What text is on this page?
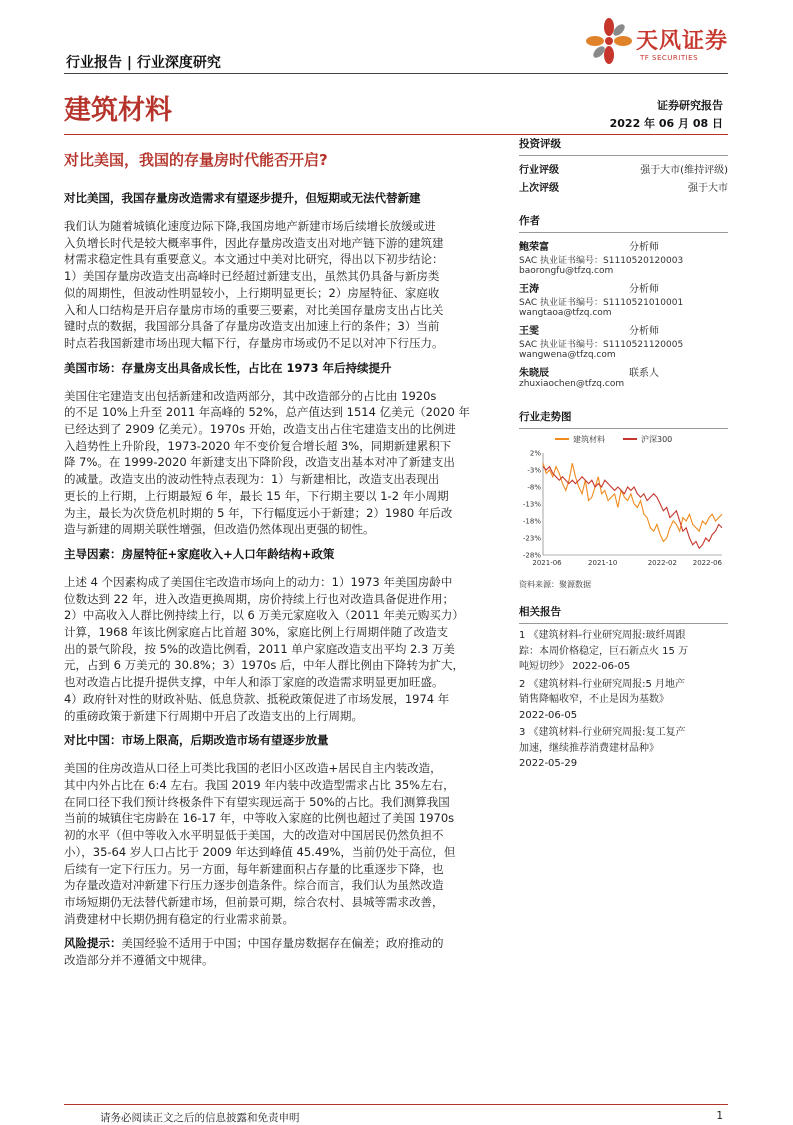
天风证券
TF SECURITIES
行业报告 | 行业深度研究
建筑材料	证券研究报告
2022 年 06 月 08 日
对比美国，我国的存量房时代能否开启?
对比美国，我国存量房改造需求有望逐步提升，但短期或无法代替新建
我们认为随着城镇化速度边际下降,我国房地产新建市场后续增长放缓或进
入负增长时代是较大概率事件，因此存量房改造支出对地产链下游的建筑建
材需求稳定性具有重要意义。本文通过中美对比研究，得出以下初步结论：
1）美国存量房改造支出高峰时已经超过新建支出，虽然其仍具备与新房类
似的周期性，但波动性明显较小，上行期明显更长；2）房屋特征、家庭收
入和人口结构是开启存量房市场的重要三要素，对比美国存量房支出占比关
键时点的数据，我国部分具备了存量房改造支出加速上行的条件；3）当前
时点若我国新建市场出现大幅下行，存量房市场或仍不足以对冲下行压力。
美国市场：存量房支出具备成长性，占比在 1973 年后持续提升
美国住宅建造支出包括新建和改造两部分，其中改造部分的占比由 1920s
的不足 10%上升至 2011 年高峰的 52%，总产值达到 1514 亿美元（2020 年
已经达到了 2909 亿美元）。1970s 开始，改造支出占住宅建造支出的比例进
入趋势性上升阶段，1973-2020 年不变价复合增长超 3%，同期新建累积下
降 7%。在 1999-2020 年新建支出下降阶段，改造支出基本对冲了新建支出
的减量。改造支出的波动性特点表现为：1）与新建相比，改造支出表现出
更长的上行期，上行期最短 6 年，最长 15 年，下行期主要以 1-2 年小周期
为主，最长为次贷危机时期的 5 年，下行幅度远小于新建；2）1980 年后改
造与新建的周期关联性增强，但改造仍然体现出更强的韧性。
主导因素：房屋特征+家庭收入+人口年龄结构+政策
上述 4 个因素构成了美国住宅改造市场向上的动力：1）1973 年美国房龄中
位数达到 22 年，进入改造更换周期，房价持续上行也对改造具备促进作用；
2）中高收入人群比例持续上行，以 6 万美元家庭收入（2011 年美元购买力）
计算，1968 年该比例家庭占比首超 30%，家庭比例上行周期伴随了改造支
出的景气阶段，按 5%的改造比例看，2011 单户家庭改造支出平均 2.3 万美
元，占到 6 万美元的 30.8%；3）1970s 后，中年人群比例由下降转为扩大，
也对改造占比提升提供支撑，中年人和添丁家庭的改造需求明显更加旺盛。
4）政府针对性的财政补贴、低息贷款、抵税政策促进了市场发展，1974 年
的重磅政策于新建下行周期中开启了改造支出的上行周期。
对比中国：市场上限高，后期改造市场有望逐步放量
美国的住房改造从口径上可类比我国的老旧小区改造+居民自主内装改造，
其中内外占比在 6:4 左右。我国 2019 年内装中改造型需求占比 35%左右，
在同口径下我们预计终极条件下有望实现远高于 50%的占比。我们测算我国
当前的城镇住宅房龄在 16-17 年，中等收入家庭的比例也超过了美国 1970s
初的水平（但中等收入水平明显低于美国，大的改造对中国居民仍然负担不
小），35-64 岁人口占比于 2009 年达到峰值 45.49%，当前仍处于高位，但
后续有一定下行压力。另一方面，每年新建面积占存量的比重逐步下降，也
为存量改造对冲新建下行压力逐步创造条件。综合而言，我们认为虽然改造
市场短期仍无法替代新建市场，但前景可期，综合农村、县城等需求改善，
消费建材中长期仍拥有稳定的行业需求前景。
风险提示：美国经验不适用于中国；中国存量房数据存在偏差；政府推动的
改造部分并不遵循文中规律。
投资评级
行业评级	强于大市(维持评级)
上次评级	强于大市
作者
鲍荣富	分析师
SAC 执业证书编号：S1110520120003
baorongfu@tfzq.com
王涛	分析师
SAC 执业证书编号：S1110521010001
wangtaoa@tfzq.com
王雯	分析师
SAC 执业证书编号：S1110521120005
wangwena@tfzq.com
朱晓辰	联系人
zhuxiaochen@tfzq.com
行业走势图
建筑材料	沪深300
2%
-3%
-8%
-13%
-18%
-23%
-28%
2021-06	2021-10	2022-02 2022-06
资料来源：聚源数据
相关报告
1 《建筑材料-行业研究周报:玻纤周跟
踪：本周价格稳定，巨石新点火 15 万
吨短切纱》 2022-06-05
2 《建筑材料-行业研究周报:5 月地产
销售降幅收窄，不止是因为基数》
2022-06-05
3 《建筑材料-行业研究周报:复工复产
加速，继续推荐消费建材品种》
2022-05-29
请务必阅读正文之后的信息披露和免责申明	1
